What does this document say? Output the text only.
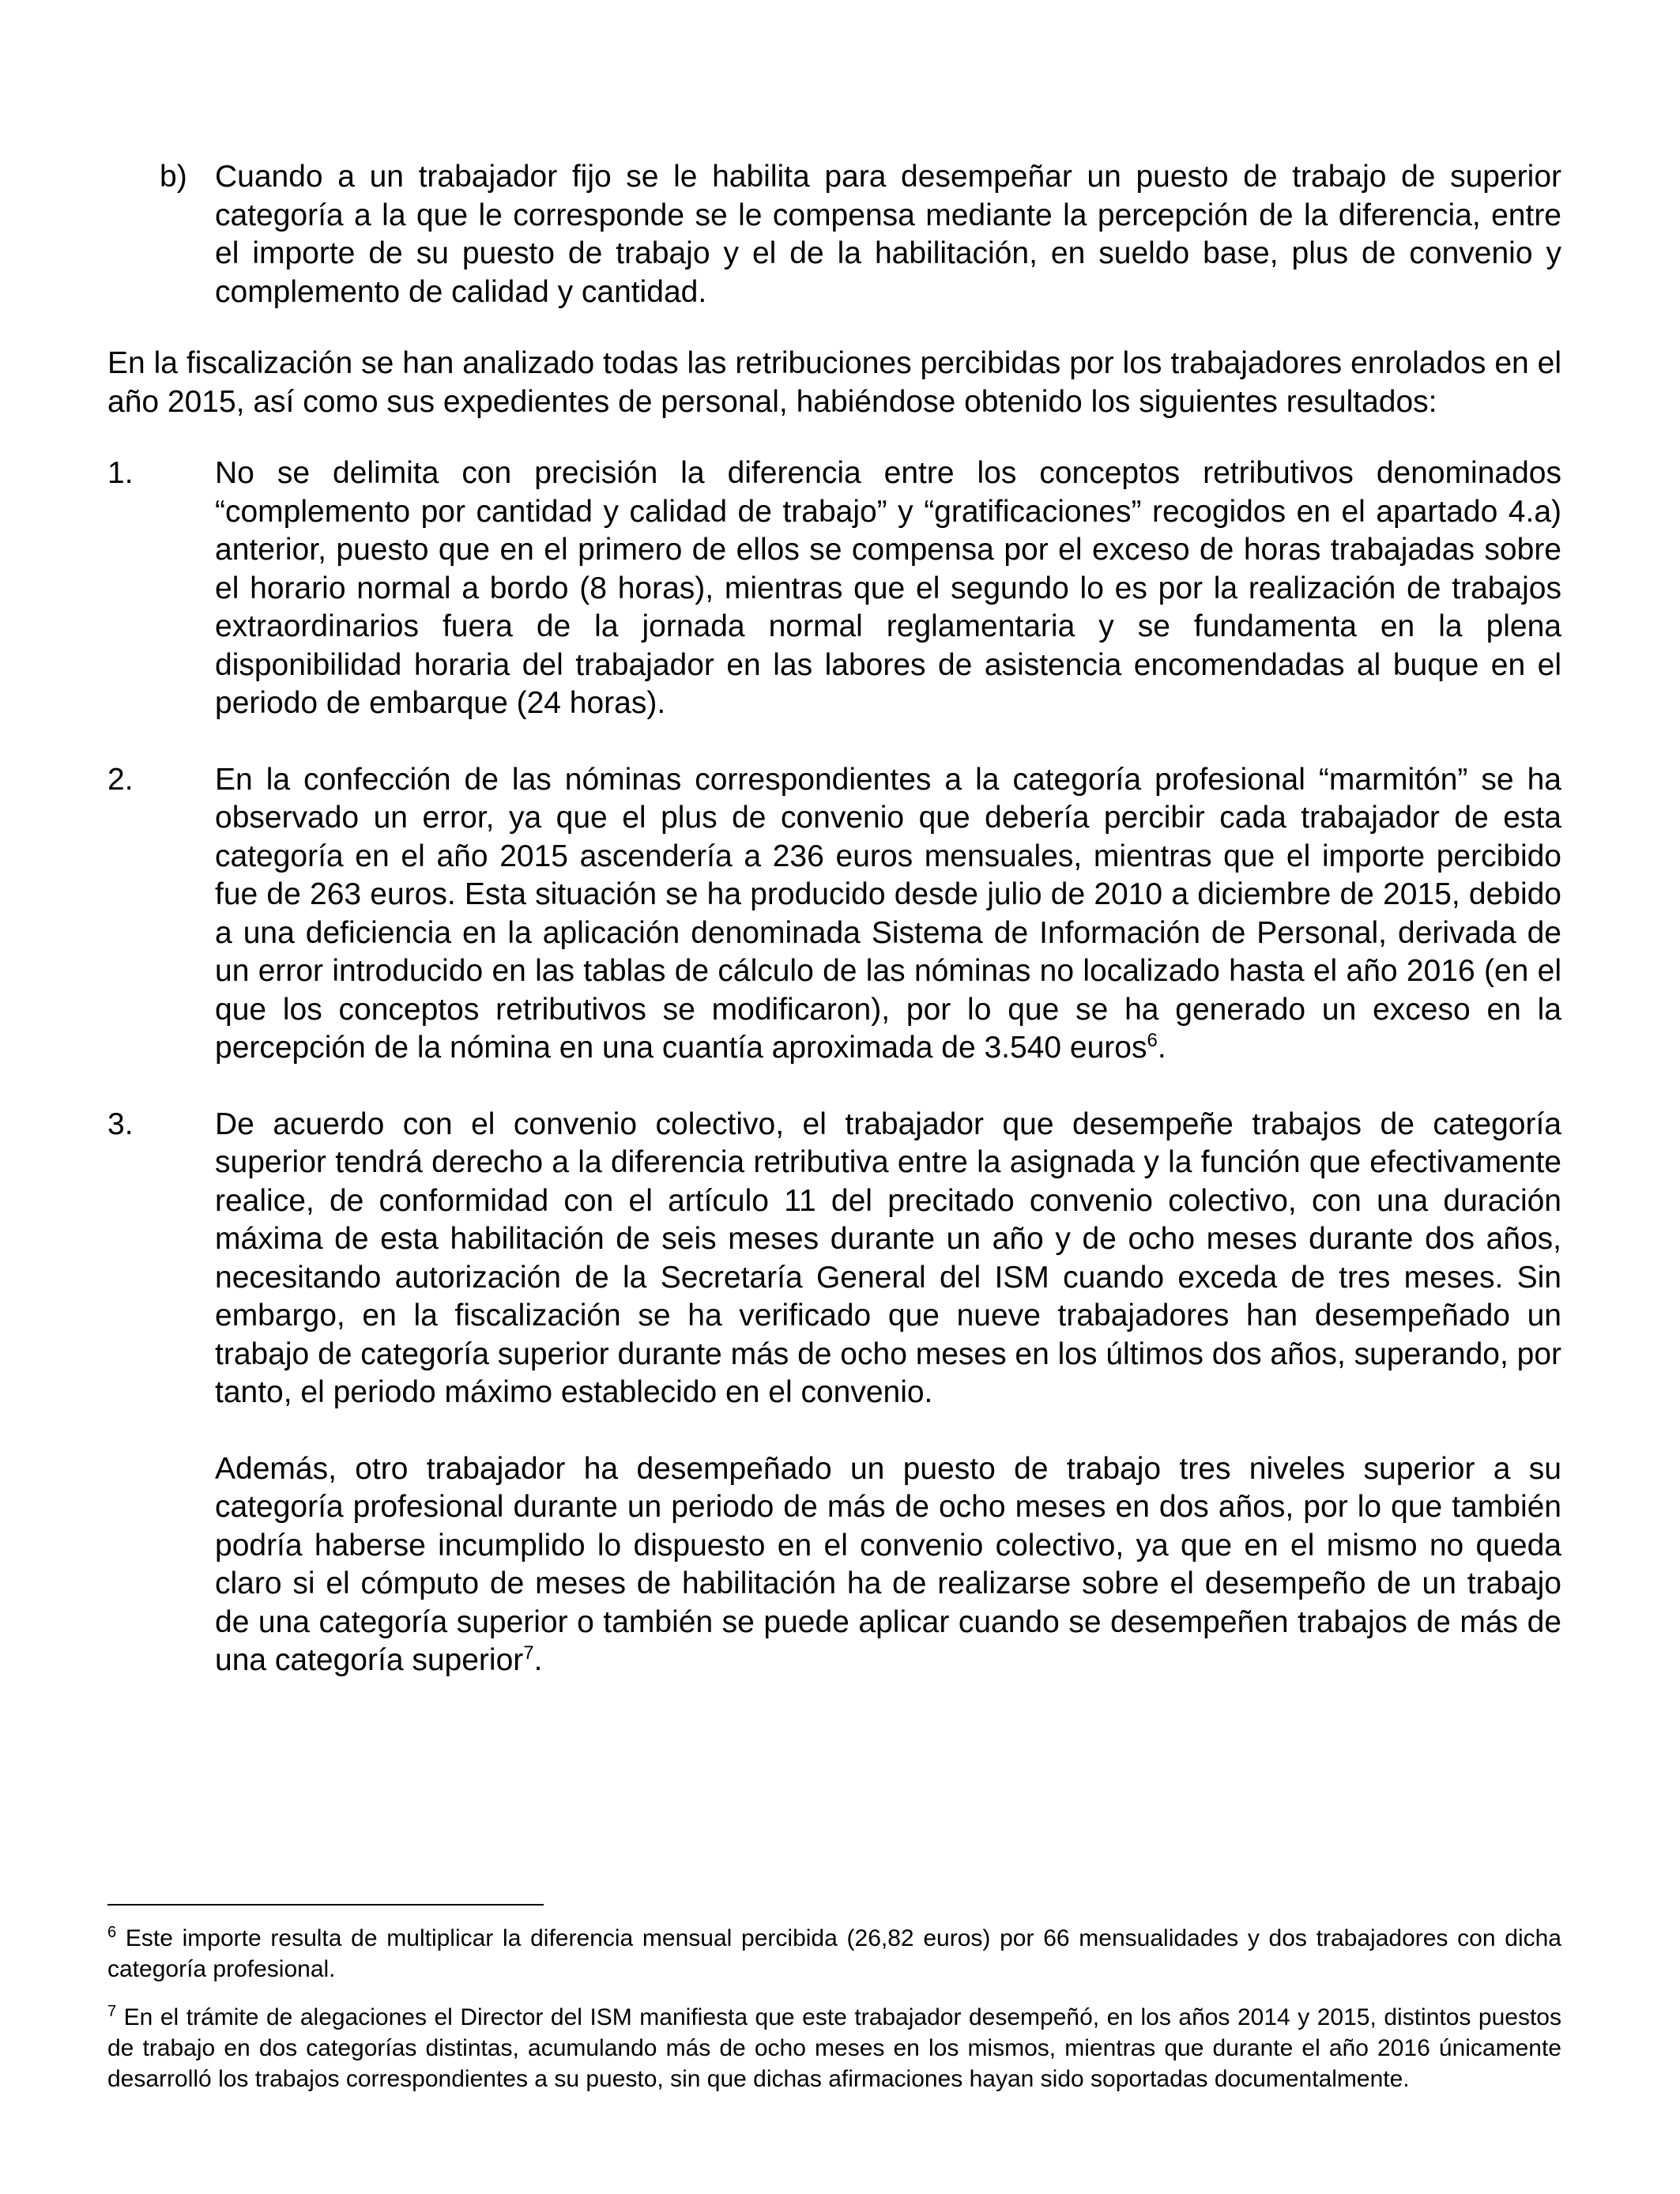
b) Cuando a un trabajador fijo se le habilita para desempeñar un puesto de trabajo de superior categoría a la que le corresponde se le compensa mediante la percepción de la diferencia, entre el importe de su puesto de trabajo y el de la habilitación, en sueldo base, plus de convenio y complemento de calidad y cantidad.

En la fiscalización se han analizado todas las retribuciones percibidas por los trabajadores enrolados en el año 2015, así como sus expedientes de personal, habiéndose obtenido los siguientes resultados:

1.	No se delimita con precisión la diferencia entre los conceptos retributivos denominados “complemento por cantidad y calidad de trabajo” y “gratificaciones” recogidos en el apartado 4.a) anterior, puesto que en el primero de ellos se compensa por el exceso de horas trabajadas sobre el horario normal a bordo (8 horas), mientras que el segundo lo es por la realización de trabajos extraordinarios fuera de la jornada normal reglamentaria y se fundamenta en la plena disponibilidad horaria del trabajador en las labores de asistencia encomendadas al buque en el periodo de embarque (24 horas).

2.	En la confección de las nóminas correspondientes a la categoría profesional “marmitón” se ha observado un error, ya que el plus de convenio que debería percibir cada trabajador de esta categoría en el año 2015 ascendería a 236 euros mensuales, mientras que el importe percibido fue de 263 euros. Esta situación se ha producido desde julio de 2010 a diciembre de 2015, debido a una deficiencia en la aplicación denominada Sistema de Información de Personal, derivada de un error introducido en las tablas de cálculo de las nóminas no localizado hasta el año 2016 (en el que los conceptos retributivos se modificaron), por lo que se ha generado un exceso en la percepción de la nómina en una cuantía aproximada de 3.540 euros$^6$.

3.	De acuerdo con el convenio colectivo, el trabajador que desempeñe trabajos de categoría superior tendrá derecho a la diferencia retributiva entre la asignada y la función que efectivamente realice, de conformidad con el artículo 11 del precitado convenio colectivo, con una duración máxima de esta habilitación de seis meses durante un año y de ocho meses durante dos años, necesitando autorización de la Secretaría General del ISM cuando exceda de tres meses. Sin embargo, en la fiscalización se ha verificado que nueve trabajadores han desempeñado un trabajo de categoría superior durante más de ocho meses en los últimos dos años, superando, por tanto, el periodo máximo establecido en el convenio.

Además, otro trabajador ha desempeñado un puesto de trabajo tres niveles superior a su categoría profesional durante un periodo de más de ocho meses en dos años, por lo que también podría haberse incumplido lo dispuesto en el convenio colectivo, ya que en el mismo no queda claro si el cómputo de meses de habilitación ha de realizarse sobre el desempeño de un trabajo de una categoría superior o también se puede aplicar cuando se desempeñen trabajos de más de una categoría superior$^7$.

$^6$ Este importe resulta de multiplicar la diferencia mensual percibida (26,82 euros) por 66 mensualidades y dos trabajadores con dicha categoría profesional.

$^7$ En el trámite de alegaciones el Director del ISM manifiesta que este trabajador desempeñó, en los años 2014 y 2015, distintos puestos de trabajo en dos categorías distintas, acumulando más de ocho meses en los mismos, mientras que durante el año 2016 únicamente desarrolló los trabajos correspondientes a su puesto, sin que dichas afirmaciones hayan sido soportadas documentalmente.
